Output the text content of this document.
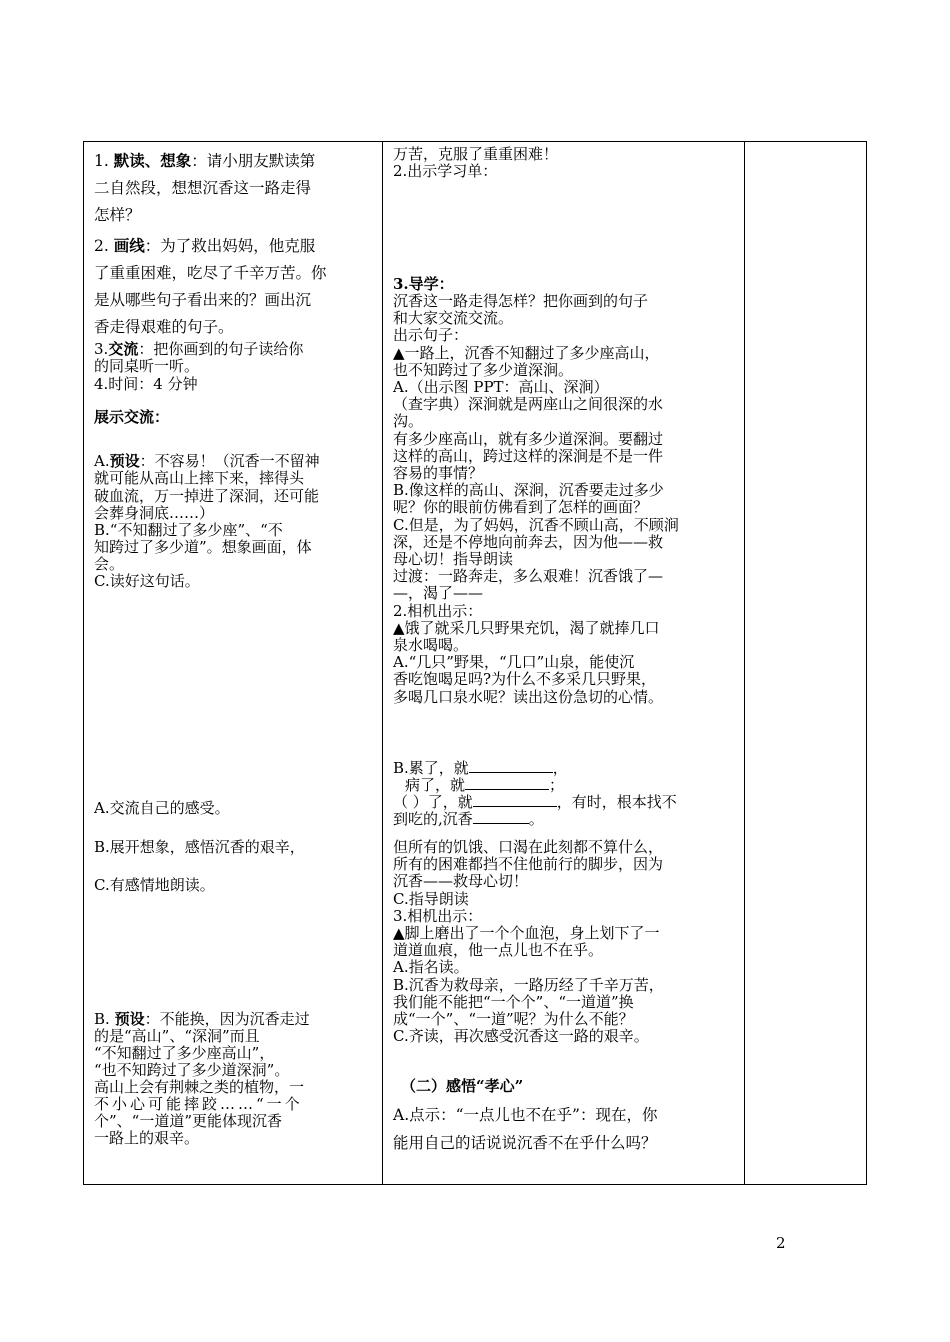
1. 默读、想象：请小朋友默读第
二自然段，想想沉香这一路走得
怎样？
2. 画线：为了救出妈妈，他克服
了重重困难，吃尽了千辛万苦。你
是从哪些句子看出来的？画出沉
香走得艰难的句子。
3.交流：把你画到的句子读给你
的同桌听一听。
4.时间：4 分钟
展示交流：
A.预设：不容易！（沉香一不留神
就可能从高山上摔下来，摔得头
破血流，万一掉进了深洞，还可能
会葬身洞底……）
B.“不知翻过了多少座”、“不
知跨过了多少道”。想象画面，体
会。
C.读好这句话。
A.交流自己的感受。
B.展开想象，感悟沉香的艰辛，
C.有感情地朗读。
B. 预设：不能换，因为沉香走过
的是“高山”、“深洞”而且
“不知翻过了多少座高山”，
“也不知跨过了多少道深洞”。
高山上会有荆棘之类的植物，一
不小心可能摔跤……“一个
个”、“一道道”更能体现沉香
一路上的艰辛。
万苦，克服了重重困难！
2.出示学习单：
3.导学：
沉香这一路走得怎样？把你画到的句子
和大家交流交流。
出示句子：
▲一路上，沉香不知翻过了多少座高山，
也不知跨过了多少道深涧。
A.（出示图 PPT：高山、深涧）
（查字典）深涧就是两座山之间很深的水
沟。
有多少座高山，就有多少道深涧。要翻过
这样的高山，跨过这样的深涧是不是一件
容易的事情？
B.像这样的高山、深涧，沉香要走过多少
呢？你的眼前仿佛看到了怎样的画面？
C.但是，为了妈妈，沉香不顾山高，不顾涧
深，还是不停地向前奔去，因为他——救
母心切！指导朗读
过渡：一路奔走，多么艰难！沉香饿了—
—，渴了——
2.相机出示：
▲饿了就采几只野果充饥，渴了就捧几口
泉水喝喝。
A.“几只”野果，“几口”山泉，能使沉
香吃饱喝足吗?为什么不多采几只野果，
多喝几口泉水呢？读出这份急切的心情。
B.累了，就	，
病了，就	；
（ ）了，就	，有时，根本找不
到吃的,沉香	。
但所有的饥饿、口渴在此刻都不算什么，
所有的困难都挡不住他前行的脚步，因为
沉香——救母心切！
C.指导朗读
3.相机出示：
▲脚上磨出了一个个血泡，身上划下了一
道道血痕，他一点儿也不在乎。
A.指名读。
B.沉香为救母亲，一路历经了千辛万苦，
我们能不能把“一个个”、“一道道”换
成“一个”、“一道”呢？为什么不能？
C.齐读，再次感受沉香这一路的艰辛。
（二）感悟“孝心”
A.点示：“一点儿也不在乎”：现在，你
能用自己的话说说沉香不在乎什么吗？
2
